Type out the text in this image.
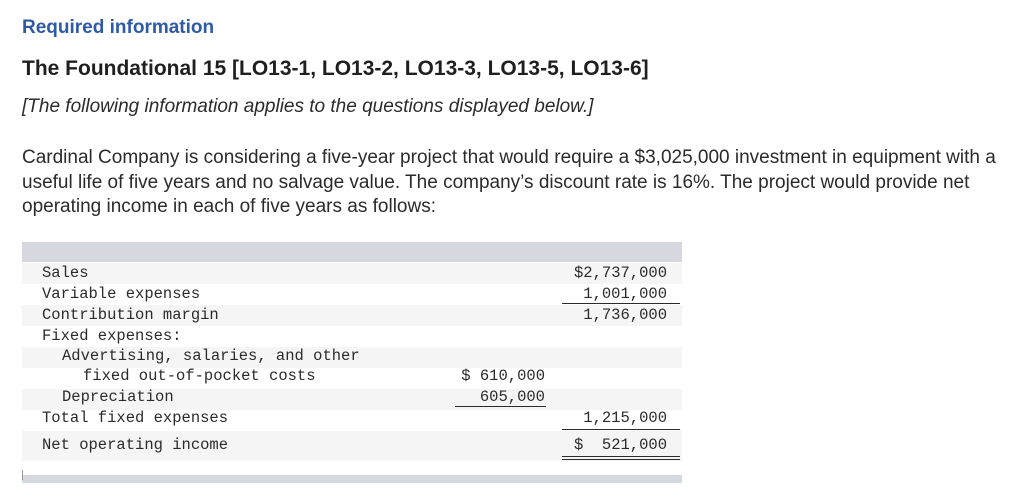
Required information
The Foundational 15 [LO13-1, LO13-2, LO13-3, LO13-5, LO13-6]
[The following information applies to the questions displayed below.]
Cardinal Company is considering a five-year project that would require a $3,025,000 investment in equipment with a useful life of five years and no salvage value. The company’s discount rate is 16%. The project would provide net operating income in each of five years as follows:
Sales
Variable expenses
Contribution margin
Fixed expenses:
Advertising, salaries, and other
fixed out-of-pocket costs
Depreciation
Total fixed expenses
Net operating income
$ 610,000
605,000
$2,737,000
1,001,000
1,736,000
1,215,000
$  521,000
